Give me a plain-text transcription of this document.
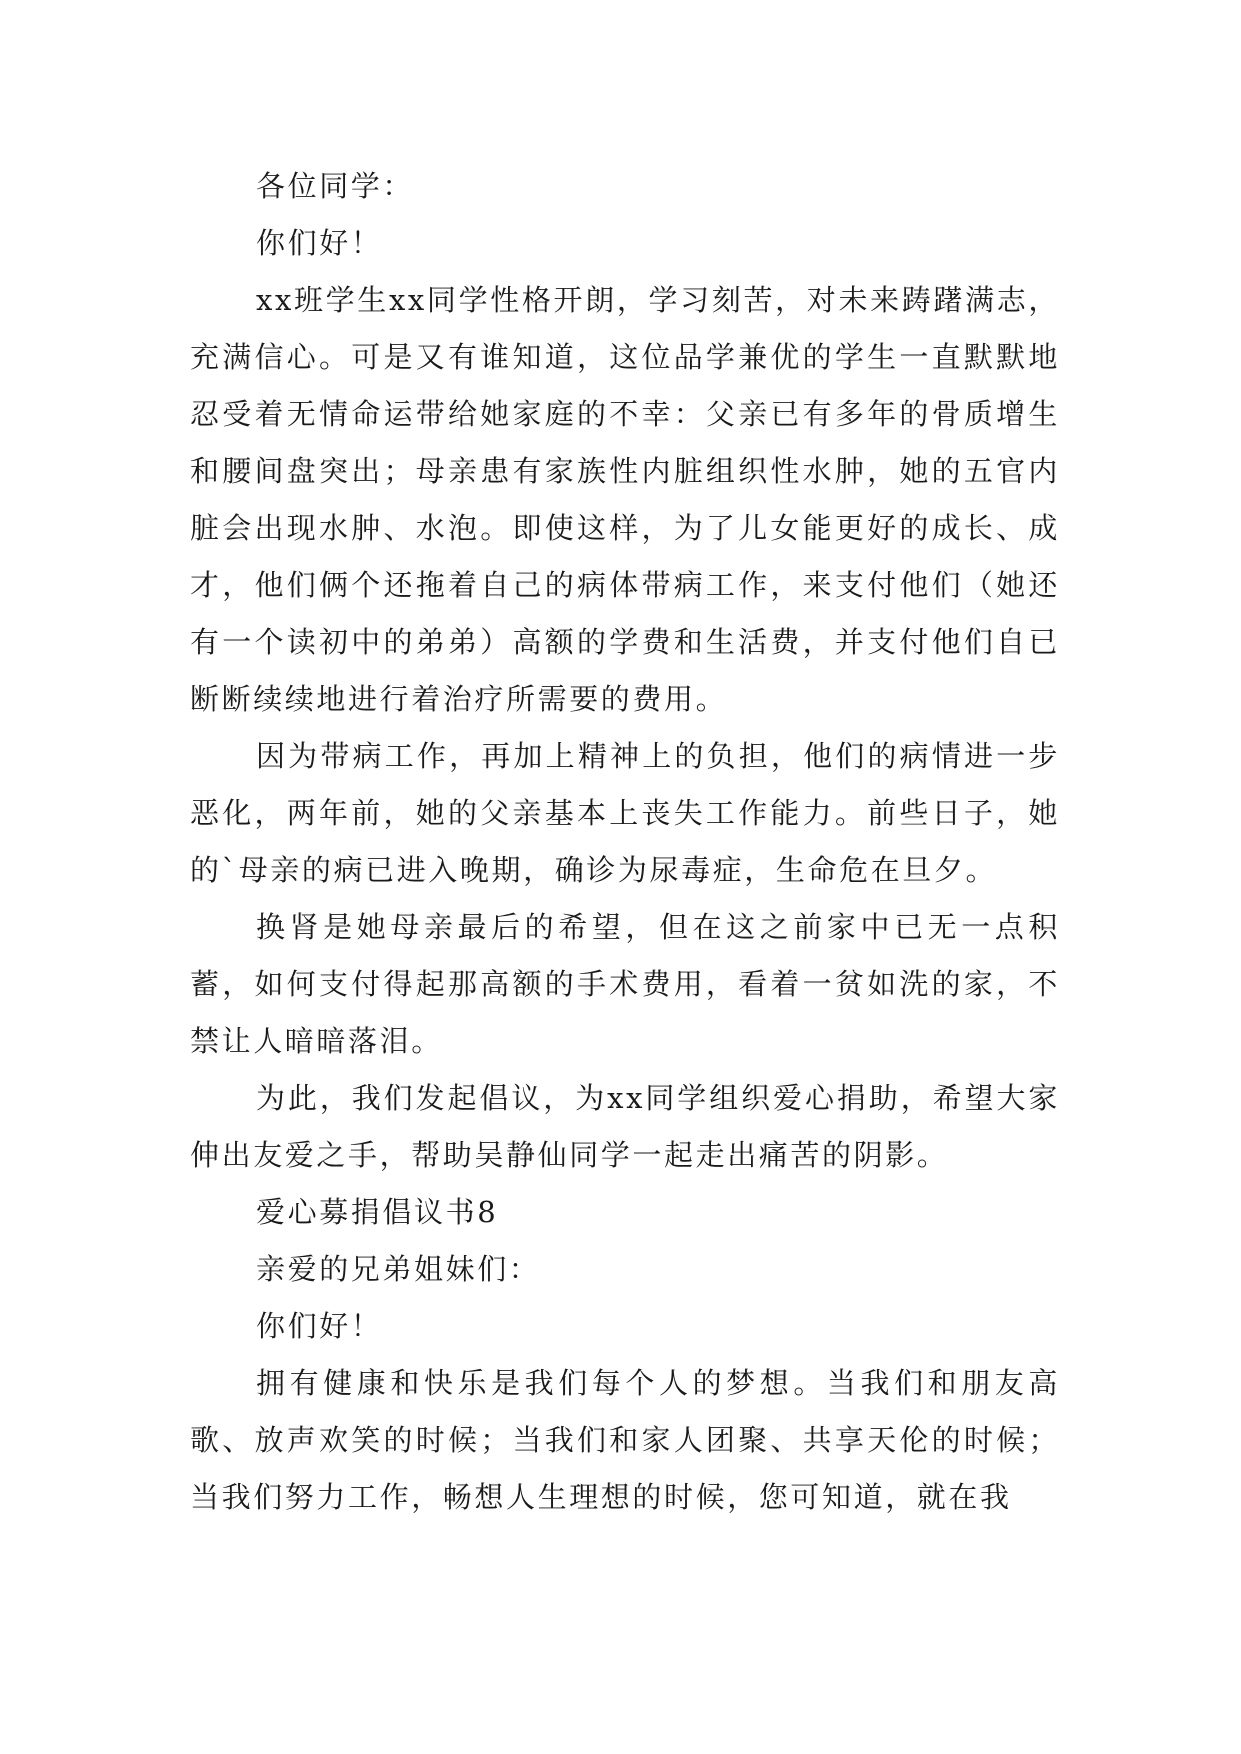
各位同学：

你们好！

xx班学生xx同学性格开朗，学习刻苦，对未来踌躇满志，充满信心。可是又有谁知道，这位品学兼优的学生一直默默地忍受着无情命运带给她家庭的不幸：父亲已有多年的骨质增生和腰间盘突出；母亲患有家族性内脏组织性水肿，她的五官内脏会出现水肿、水泡。即使这样，为了儿女能更好的成长、成才，他们俩个还拖着自己的病体带病工作，来支付他们（她还有一个读初中的弟弟）高额的学费和生活费，并支付他们自已断断续续地进行着治疗所需要的费用。

因为带病工作，再加上精神上的负担，他们的病情进一步恶化，两年前，她的父亲基本上丧失工作能力。前些日子，她的`母亲的病已进入晚期，确诊为尿毒症，生命危在旦夕。

换肾是她母亲最后的希望，但在这之前家中已无一点积蓄，如何支付得起那高额的手术费用，看着一贫如洗的家，不禁让人暗暗落泪。

为此，我们发起倡议，为xx同学组织爱心捐助，希望大家伸出友爱之手，帮助吴静仙同学一起走出痛苦的阴影。

爱心募捐倡议书8

亲爱的兄弟姐妹们：

你们好！

拥有健康和快乐是我们每个人的梦想。当我们和朋友高歌、放声欢笑的时候；当我们和家人团聚、共享天伦的时候；当我们努力工作，畅想人生理想的时候，您可知道，就在我
